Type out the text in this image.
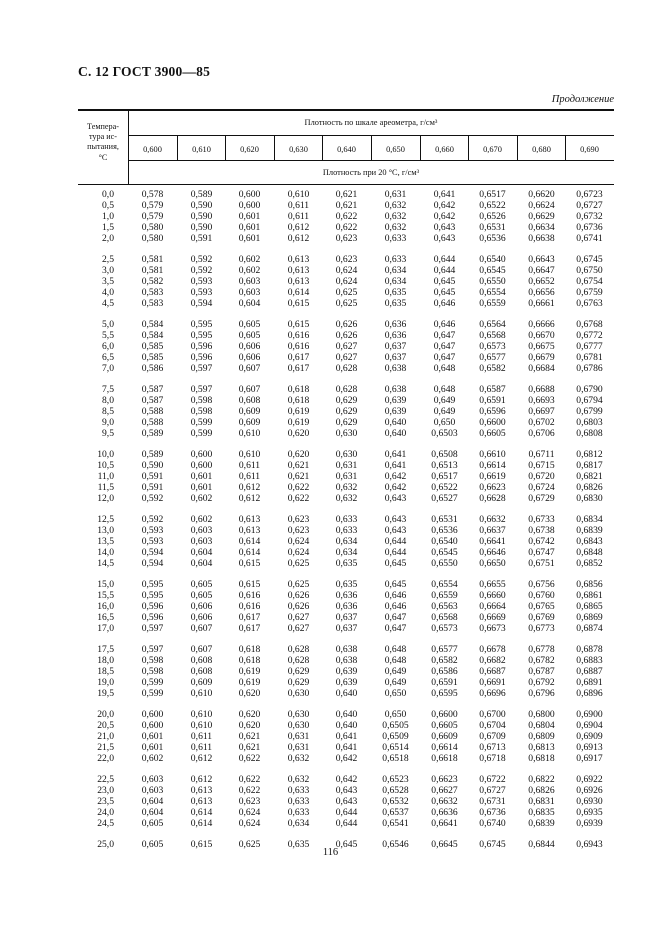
С. 12 ГОСТ 3900—85
Продолжение
Темпера-
тура ис-
пытания,
°С
Плотность по шкале ареометра, г/см³
Плотность при 20 °С, г/см³
0,600	0,610	0,620	0,630	0,640	0,650	0,660	0,670	0,680	0,690
0,0	0,578	0,589	0,600	0,610	0,621	0,631	0,641	0,6517	0,6620	0,6723
0,5	0,579	0,590	0,600	0,611	0,621	0,632	0,642	0,6522	0,6624	0,6727
1,0	0,579	0,590	0,601	0,611	0,622	0,632	0,642	0,6526	0,6629	0,6732
1,5	0,580	0,590	0,601	0,612	0,622	0,632	0,643	0,6531	0,6634	0,6736
2,0	0,580	0,591	0,601	0,612	0,623	0,633	0,643	0,6536	0,6638	0,6741
2,5	0,581	0,592	0,602	0,613	0,623	0,633	0,644	0,6540	0,6643	0,6745
3,0	0,581	0,592	0,602	0,613	0,624	0,634	0,644	0,6545	0,6647	0,6750
3,5	0,582	0,593	0,603	0,613	0,624	0,634	0,645	0,6550	0,6652	0,6754
4,0	0,583	0,593	0,603	0,614	0,625	0,635	0,645	0,6554	0,6656	0,6759
4,5	0,583	0,594	0,604	0,615	0,625	0,635	0,646	0,6559	0,6661	0,6763
5,0	0,584	0,595	0,605	0,615	0,626	0,636	0,646	0,6564	0,6666	0,6768
5,5	0,584	0,595	0,605	0,616	0,626	0,636	0,647	0,6568	0,6670	0,6772
6,0	0,585	0,596	0,606	0,616	0,627	0,637	0,647	0,6573	0,6675	0,6777
6,5	0,585	0,596	0,606	0,617	0,627	0,637	0,647	0,6577	0,6679	0,6781
7,0	0,586	0,597	0,607	0,617	0,628	0,638	0,648	0,6582	0,6684	0,6786
7,5	0,587	0,597	0,607	0,618	0,628	0,638	0,648	0,6587	0,6688	0,6790
8,0	0,587	0,598	0,608	0,618	0,629	0,639	0,649	0,6591	0,6693	0,6794
8,5	0,588	0,598	0,609	0,619	0,629	0,639	0,649	0,6596	0,6697	0,6799
9,0	0,588	0,599	0,609	0,619	0,629	0,640	0,650	0,6600	0,6702	0,6803
9,5	0,589	0,599	0,610	0,620	0,630	0,640	0,6503	0,6605	0,6706	0,6808
10,0	0,589	0,600	0,610	0,620	0,630	0,641	0,6508	0,6610	0,6711	0,6812
10,5	0,590	0,600	0,611	0,621	0,631	0,641	0,6513	0,6614	0,6715	0,6817
11,0	0,591	0,601	0,611	0,621	0,631	0,642	0,6517	0,6619	0,6720	0,6821
11,5	0,591	0,601	0,612	0,622	0,632	0,642	0,6522	0,6623	0,6724	0,6826
12,0	0,592	0,602	0,612	0,622	0,632	0,643	0,6527	0,6628	0,6729	0,6830
12,5	0,592	0,602	0,613	0,623	0,633	0,643	0,6531	0,6632	0,6733	0,6834
13,0	0,593	0,603	0,613	0,623	0,633	0,643	0,6536	0,6637	0,6738	0,6839
13,5	0,593	0,603	0,614	0,624	0,634	0,644	0,6540	0,6641	0,6742	0,6843
14,0	0,594	0,604	0,614	0,624	0,634	0,644	0,6545	0,6646	0,6747	0,6848
14,5	0,594	0,604	0,615	0,625	0,635	0,645	0,6550	0,6650	0,6751	0,6852
15,0	0,595	0,605	0,615	0,625	0,635	0,645	0,6554	0,6655	0,6756	0,6856
15,5	0,595	0,605	0,616	0,626	0,636	0,646	0,6559	0,6660	0,6760	0,6861
16,0	0,596	0,606	0,616	0,626	0,636	0,646	0,6563	0,6664	0,6765	0,6865
16,5	0,596	0,606	0,617	0,627	0,637	0,647	0,6568	0,6669	0,6769	0,6869
17,0	0,597	0,607	0,617	0,627	0,637	0,647	0,6573	0,6673	0,6773	0,6874
17,5	0,597	0,607	0,618	0,628	0,638	0,648	0,6577	0,6678	0,6778	0,6878
18,0	0,598	0,608	0,618	0,628	0,638	0,648	0,6582	0,6682	0,6782	0,6883
18,5	0,598	0,608	0,619	0,629	0,639	0,649	0,6586	0,6687	0,6787	0,6887
19,0	0,599	0,609	0,619	0,629	0,639	0,649	0,6591	0,6691	0,6792	0,6891
19,5	0,599	0,610	0,620	0,630	0,640	0,650	0,6595	0,6696	0,6796	0,6896
20,0	0,600	0,610	0,620	0,630	0,640	0,650	0,6600	0,6700	0,6800	0,6900
20,5	0,600	0,610	0,620	0,630	0,640	0,6505	0,6605	0,6704	0,6804	0,6904
21,0	0,601	0,611	0,621	0,631	0,641	0,6509	0,6609	0,6709	0,6809	0,6909
21,5	0,601	0,611	0,621	0,631	0,641	0,6514	0,6614	0,6713	0,6813	0,6913
22,0	0,602	0,612	0,622	0,632	0,642	0,6518	0,6618	0,6718	0,6818	0,6917
22,5	0,603	0,612	0,622	0,632	0,642	0,6523	0,6623	0,6722	0,6822	0,6922
23,0	0,603	0,613	0,622	0,633	0,643	0,6528	0,6627	0,6727	0,6826	0,6926
23,5	0,604	0,613	0,623	0,633	0,643	0,6532	0,6632	0,6731	0,6831	0,6930
24,0	0,604	0,614	0,624	0,633	0,644	0,6537	0,6636	0,6736	0,6835	0,6935
24,5	0,605	0,614	0,624	0,634	0,644	0,6541	0,6641	0,6740	0,6839	0,6939
25,0	0,605	0,615	0,625	0,635	0,645	0,6546	0,6645	0,6745	0,6844	0,6943
116
